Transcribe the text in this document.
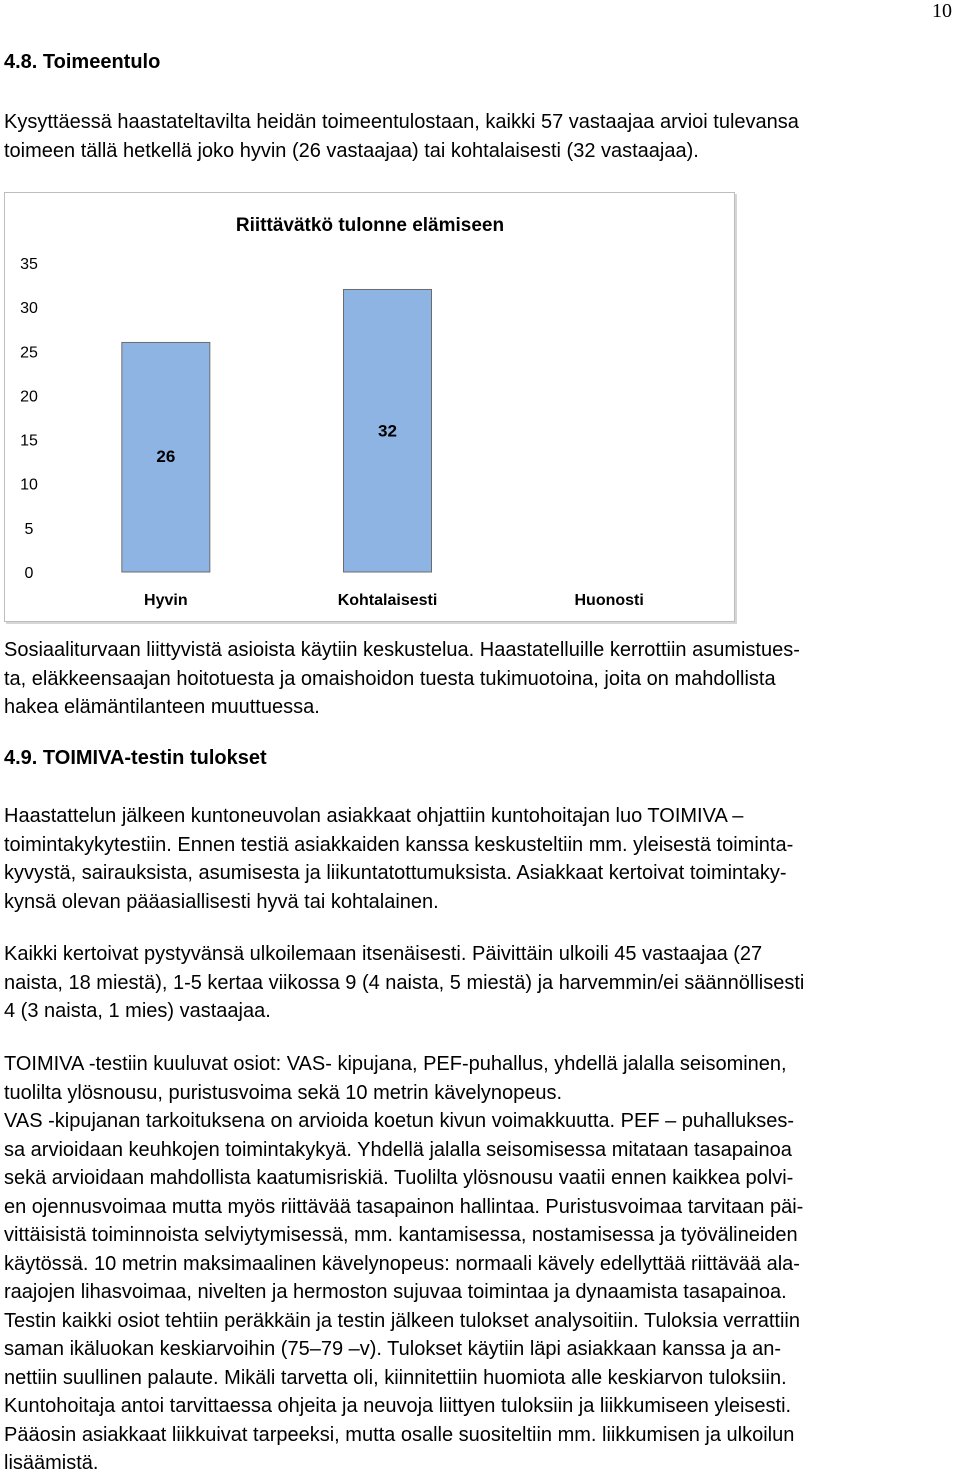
10
4.8. Toimeentulo
Kysyttäessä haastateltavilta heidän toimeentulostaan, kaikki 57 vastaajaa arvioi tulevansa
toimeen tällä hetkellä joko hyvin (26 vastaajaa) tai kohtalaisesti (32 vastaajaa).
Riittävätkö tulonne elämiseen
0
5
10
15
20
25
30
35
26
Hyvin
32
Kohtalaisesti	Huonosti
Sosiaaliturvaan liittyvistä asioista käytiin keskustelua. Haastatelluille kerrottiin asumistues-
ta, eläkkeensaajan hoitotuesta ja omaishoidon tuesta tukimuotoina, joita on mahdollista
hakea elämäntilanteen muuttuessa.
4.9. TOIMIVA-testin tulokset
Haastattelun jälkeen kuntoneuvolan asiakkaat ohjattiin kuntohoitajan luo TOIMIVA –
toimintakykytestiin. Ennen testiä asiakkaiden kanssa keskusteltiin mm. yleisestä toiminta-
kyvystä, sairauksista, asumisesta ja liikuntatottumuksista. Asiakkaat kertoivat toimintaky-
kynsä olevan pääasiallisesti hyvä tai kohtalainen.
Kaikki kertoivat pystyvänsä ulkoilemaan itsenäisesti. Päivittäin ulkoili 45 vastaajaa (27
naista, 18 miestä), 1-5 kertaa viikossa 9 (4 naista, 5 miestä) ja harvemmin/ei säännöllisesti
4 (3 naista, 1 mies) vastaajaa.
TOIMIVA -testiin kuuluvat osiot: VAS- kipujana, PEF-puhallus, yhdellä jalalla seisominen,
tuolilta ylösnousu, puristusvoima sekä 10 metrin kävelynopeus.
VAS -kipujanan tarkoituksena on arvioida koetun kivun voimakkuutta. PEF – puhallukses-
sa arvioidaan keuhkojen toimintakykyä. Yhdellä jalalla seisomisessa mitataan tasapainoa
sekä arvioidaan mahdollista kaatumisriskiä. Tuolilta ylösnousu vaatii ennen kaikkea polvi-
en ojennusvoimaa mutta myös riittävää tasapainon hallintaa. Puristusvoimaa tarvitaan päi-
vittäisistä toiminnoista selviytymisessä, mm. kantamisessa, nostamisessa ja työvälineiden
käytössä. 10 metrin maksimaalinen kävelynopeus: normaali kävely edellyttää riittävää ala-
raajojen lihasvoimaa, nivelten ja hermoston sujuvaa toimintaa ja dynaamista tasapainoa.
Testin kaikki osiot tehtiin peräkkäin ja testin jälkeen tulokset analysoitiin. Tuloksia verrattiin
saman ikäluokan keskiarvoihin (75–79 –v). Tulokset käytiin läpi asiakkaan kanssa ja an-
nettiin suullinen palaute. Mikäli tarvetta oli, kiinnitettiin huomiota alle keskiarvon tuloksiin.
Kuntohoitaja antoi tarvittaessa ohjeita ja neuvoja liittyen tuloksiin ja liikkumiseen yleisesti.
Pääosin asiakkaat liikkuivat tarpeeksi, mutta osalle suositeltiin mm. liikkumisen ja ulkoilun
lisäämistä.
